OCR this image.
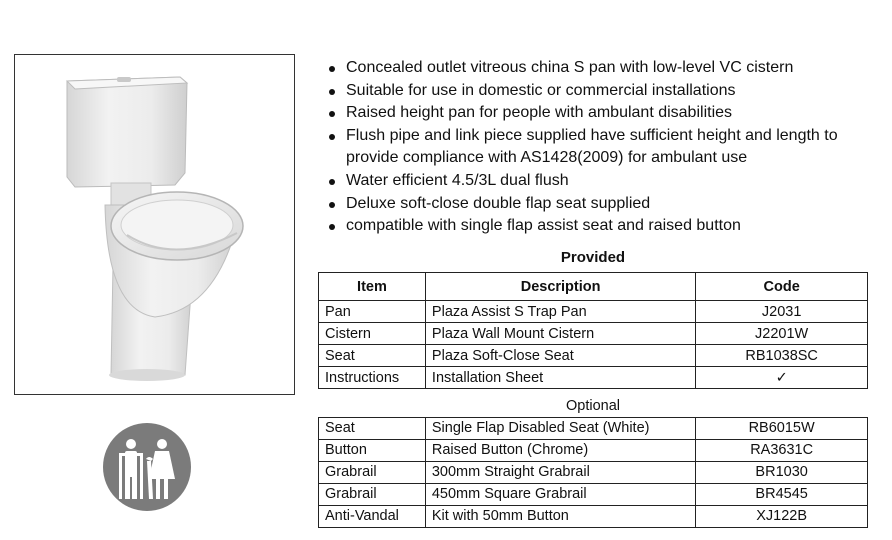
Concealed outlet vitreous china S pan with low-level VC cistern
Suitable for use in domestic or commercial installations
Raised height pan for people with ambulant disabilities
Flush pipe and link piece supplied have sufficient height and length to provide compliance with AS1428(2009) for ambulant use
Water efficient 4.5/3L dual flush
Deluxe soft-close double flap seat supplied
compatible with single flap assist seat and raised button
Provided
Item	Description	Code
Pan	Plaza Assist S Trap Pan	J2031
Cistern	Plaza Wall Mount Cistern	J2201W
Seat	Plaza Soft-Close Seat	RB1038SC
Instructions	Installation Sheet	✓
Optional		
Seat	Single Flap Disabled Seat (White)	RB6015W
Button	Raised Button (Chrome)	RA3631C
Grabrail	300mm Straight Grabrail	BR1030
Grabrail	450mm Square Grabrail	BR4545
Anti-Vandal	Kit with 50mm Button	XJ122B
